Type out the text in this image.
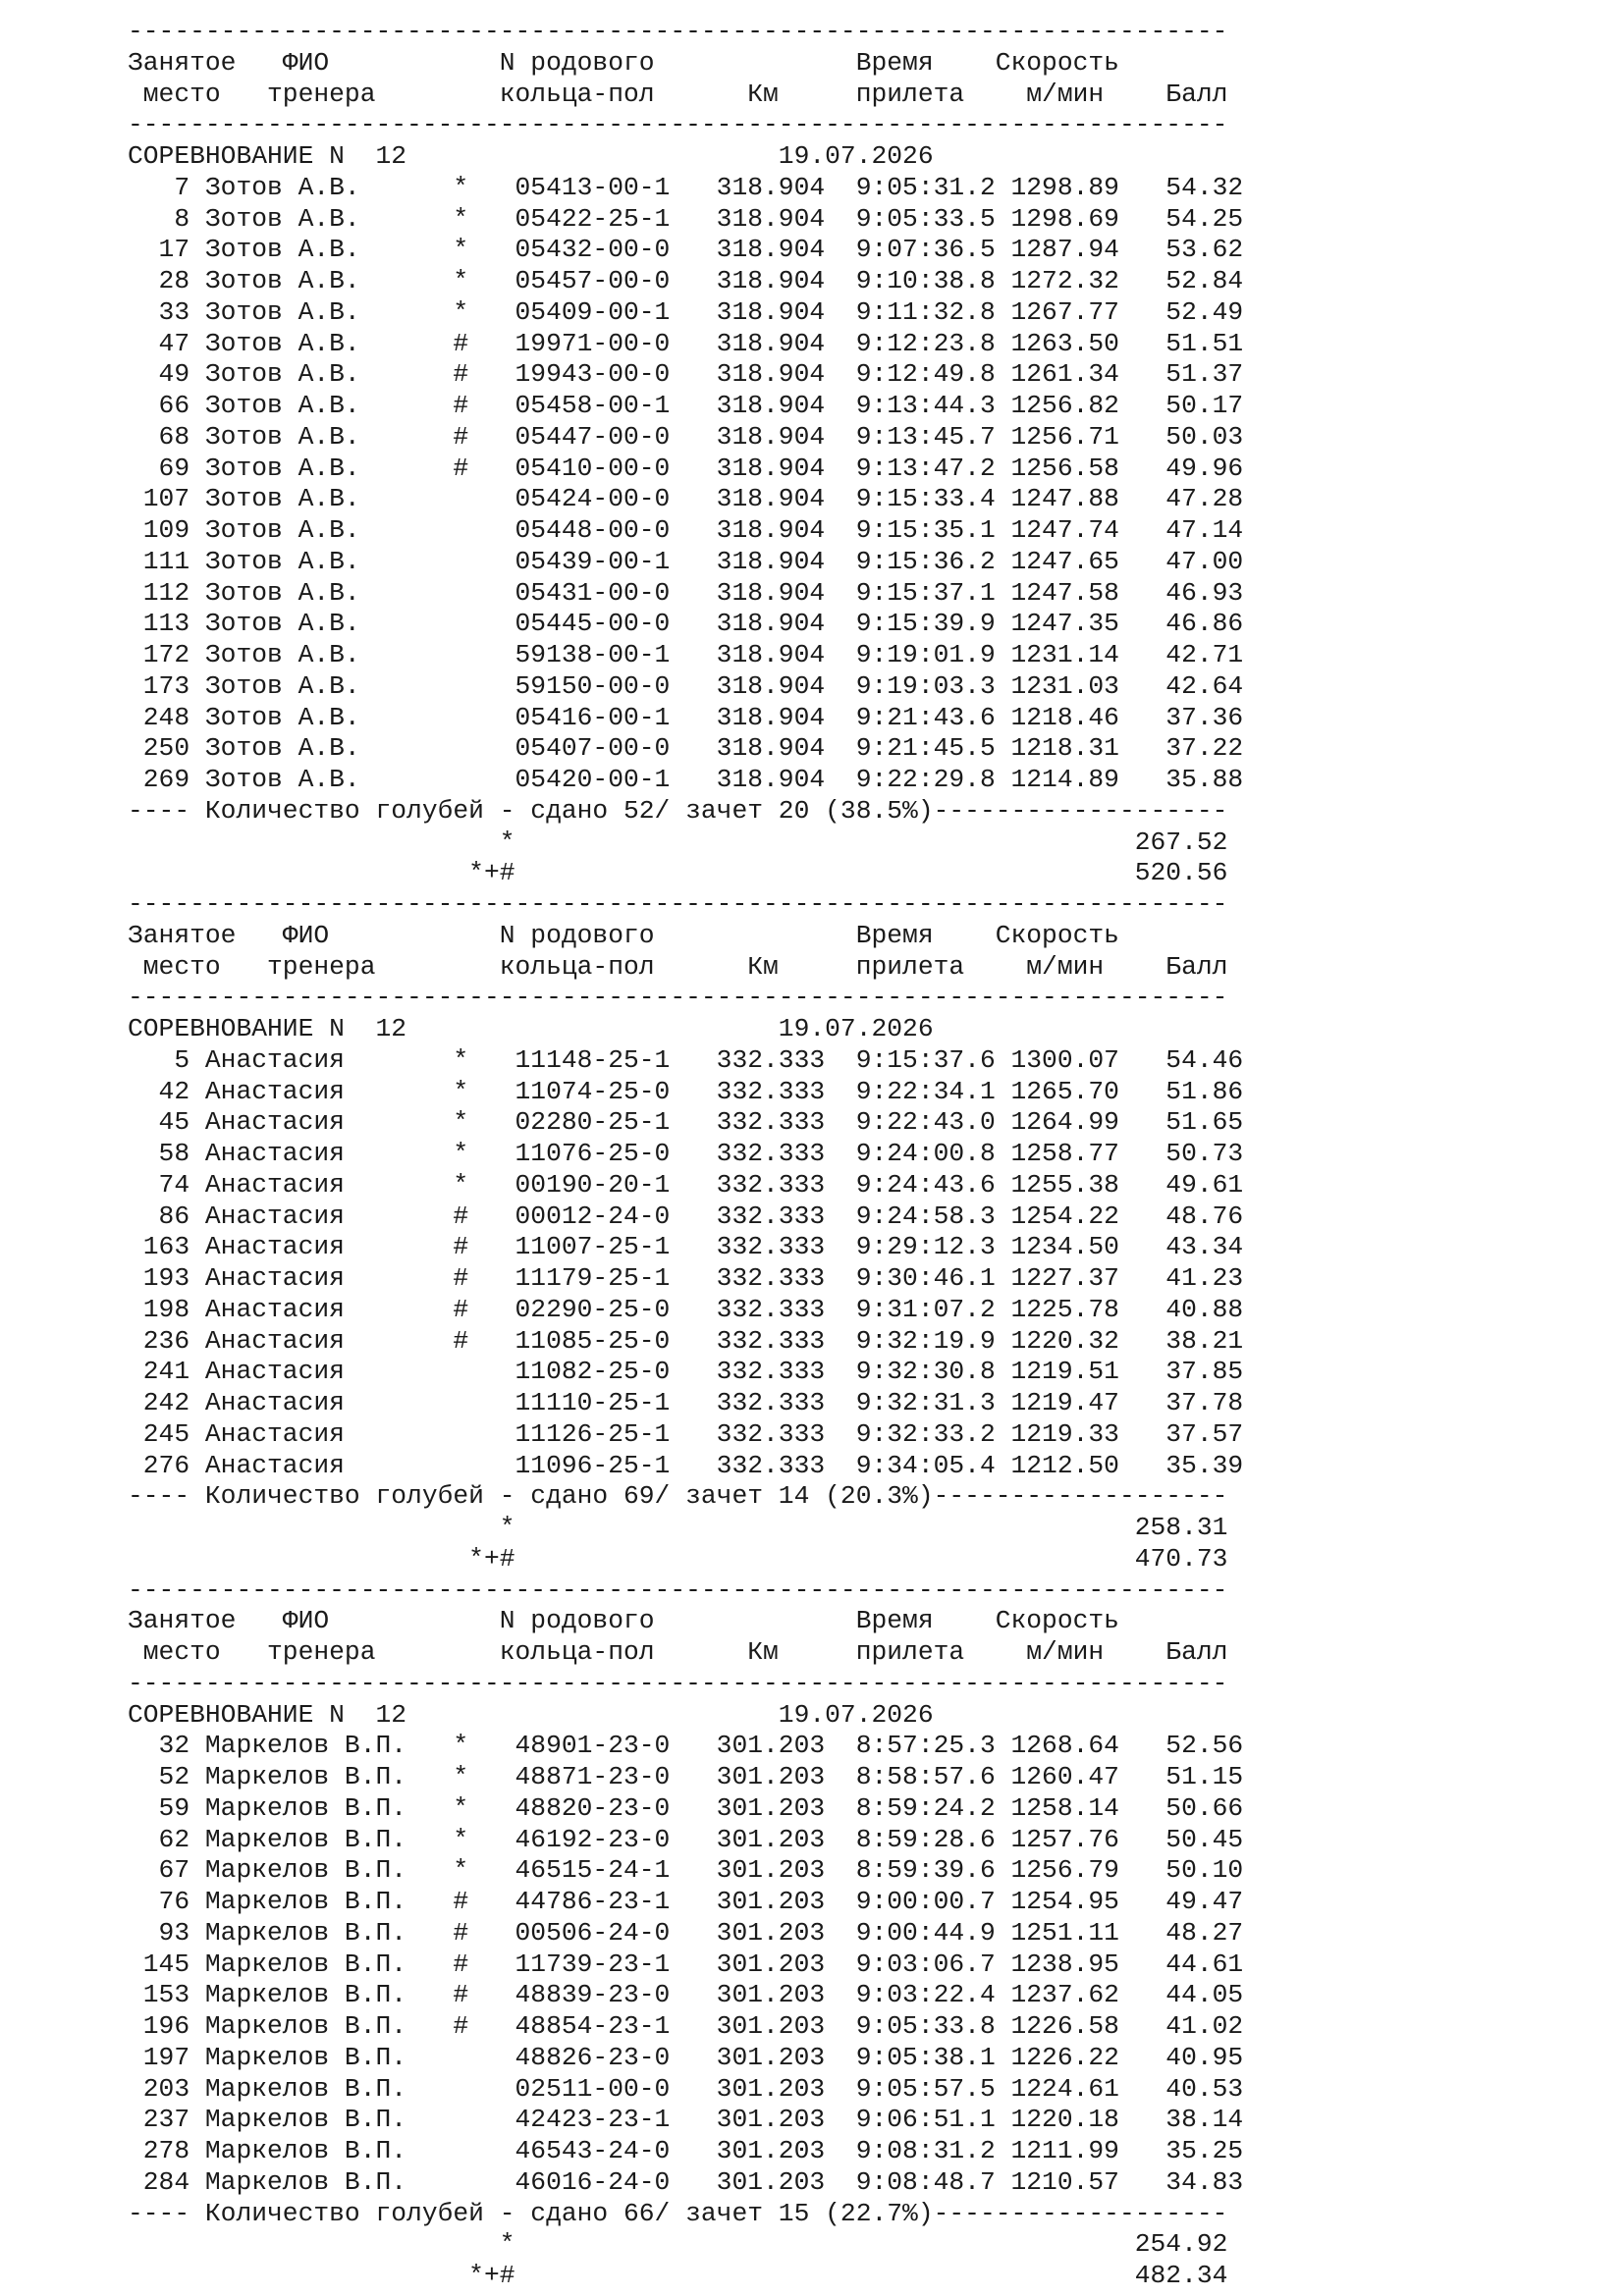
-----------------------------------------------------------------------
Занятое   ФИО           N родового             Время    Скорость
место   тренера        кольца-пол      Км     прилета    м/мин    Балл
-----------------------------------------------------------------------
СОРЕВНОВАНИЕ N  12                        19.07.2026
7 Зотов А.В.      *   05413-00-1   318.904  9:05:31.2 1298.89   54.32
8 Зотов А.В.      *   05422-25-1   318.904  9:05:33.5 1298.69   54.25
17 Зотов А.В.      *   05432-00-0   318.904  9:07:36.5 1287.94   53.62
28 Зотов А.В.      *   05457-00-0   318.904  9:10:38.8 1272.32   52.84
33 Зотов А.В.      *   05409-00-1   318.904  9:11:32.8 1267.77   52.49
47 Зотов А.В.      #   19971-00-0   318.904  9:12:23.8 1263.50   51.51
49 Зотов А.В.      #   19943-00-0   318.904  9:12:49.8 1261.34   51.37
66 Зотов А.В.      #   05458-00-1   318.904  9:13:44.3 1256.82   50.17
68 Зотов А.В.      #   05447-00-0   318.904  9:13:45.7 1256.71   50.03
69 Зотов А.В.      #   05410-00-0   318.904  9:13:47.2 1256.58   49.96
107 Зотов А.В.          05424-00-0   318.904  9:15:33.4 1247.88   47.28
109 Зотов А.В.          05448-00-0   318.904  9:15:35.1 1247.74   47.14
111 Зотов А.В.          05439-00-1   318.904  9:15:36.2 1247.65   47.00
112 Зотов А.В.          05431-00-0   318.904  9:15:37.1 1247.58   46.93
113 Зотов А.В.          05445-00-0   318.904  9:15:39.9 1247.35   46.86
172 Зотов А.В.          59138-00-1   318.904  9:19:01.9 1231.14   42.71
173 Зотов А.В.          59150-00-0   318.904  9:19:03.3 1231.03   42.64
248 Зотов А.В.          05416-00-1   318.904  9:21:43.6 1218.46   37.36
250 Зотов А.В.          05407-00-0   318.904  9:21:45.5 1218.31   37.22
269 Зотов А.В.          05420-00-1   318.904  9:22:29.8 1214.89   35.88
---- Количество голубей - сдано 52/ зачет 20 (38.5%)-------------------
*                                        267.52
*+#                                        520.56
-----------------------------------------------------------------------
Занятое   ФИО           N родового             Время    Скорость
место   тренера        кольца-пол      Км     прилета    м/мин    Балл
-----------------------------------------------------------------------
СОРЕВНОВАНИЕ N  12                        19.07.2026
5 Анастасия       *   11148-25-1   332.333  9:15:37.6 1300.07   54.46
42 Анастасия       *   11074-25-0   332.333  9:22:34.1 1265.70   51.86
45 Анастасия       *   02280-25-1   332.333  9:22:43.0 1264.99   51.65
58 Анастасия       *   11076-25-0   332.333  9:24:00.8 1258.77   50.73
74 Анастасия       *   00190-20-1   332.333  9:24:43.6 1255.38   49.61
86 Анастасия       #   00012-24-0   332.333  9:24:58.3 1254.22   48.76
163 Анастасия       #   11007-25-1   332.333  9:29:12.3 1234.50   43.34
193 Анастасия       #   11179-25-1   332.333  9:30:46.1 1227.37   41.23
198 Анастасия       #   02290-25-0   332.333  9:31:07.2 1225.78   40.88
236 Анастасия       #   11085-25-0   332.333  9:32:19.9 1220.32   38.21
241 Анастасия           11082-25-0   332.333  9:32:30.8 1219.51   37.85
242 Анастасия           11110-25-1   332.333  9:32:31.3 1219.47   37.78
245 Анастасия           11126-25-1   332.333  9:32:33.2 1219.33   37.57
276 Анастасия           11096-25-1   332.333  9:34:05.4 1212.50   35.39
---- Количество голубей - сдано 69/ зачет 14 (20.3%)-------------------
*                                        258.31
*+#                                        470.73
-----------------------------------------------------------------------
Занятое   ФИО           N родового             Время    Скорость
место   тренера        кольца-пол      Км     прилета    м/мин    Балл
-----------------------------------------------------------------------
СОРЕВНОВАНИЕ N  12                        19.07.2026
32 Маркелов В.П.   *   48901-23-0   301.203  8:57:25.3 1268.64   52.56
52 Маркелов В.П.   *   48871-23-0   301.203  8:58:57.6 1260.47   51.15
59 Маркелов В.П.   *   48820-23-0   301.203  8:59:24.2 1258.14   50.66
62 Маркелов В.П.   *   46192-23-0   301.203  8:59:28.6 1257.76   50.45
67 Маркелов В.П.   *   46515-24-1   301.203  8:59:39.6 1256.79   50.10
76 Маркелов В.П.   #   44786-23-1   301.203  9:00:00.7 1254.95   49.47
93 Маркелов В.П.   #   00506-24-0   301.203  9:00:44.9 1251.11   48.27
145 Маркелов В.П.   #   11739-23-1   301.203  9:03:06.7 1238.95   44.61
153 Маркелов В.П.   #   48839-23-0   301.203  9:03:22.4 1237.62   44.05
196 Маркелов В.П.   #   48854-23-1   301.203  9:05:33.8 1226.58   41.02
197 Маркелов В.П.       48826-23-0   301.203  9:05:38.1 1226.22   40.95
203 Маркелов В.П.       02511-00-0   301.203  9:05:57.5 1224.61   40.53
237 Маркелов В.П.       42423-23-1   301.203  9:06:51.1 1220.18   38.14
278 Маркелов В.П.       46543-24-0   301.203  9:08:31.2 1211.99   35.25
284 Маркелов В.П.       46016-24-0   301.203  9:08:48.7 1210.57   34.83
---- Количество голубей - сдано 66/ зачет 15 (22.7%)-------------------
*                                        254.92
*+#                                        482.34
